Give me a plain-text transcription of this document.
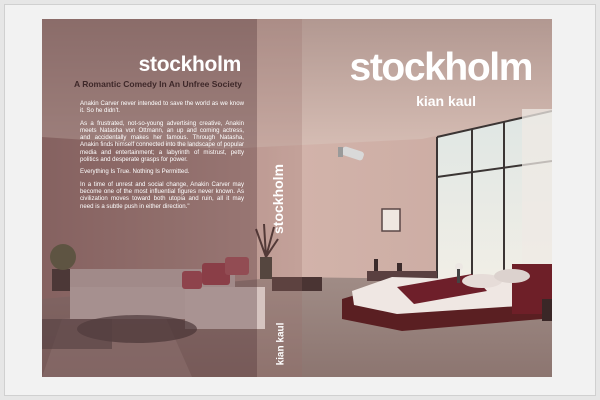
stockholm
A Romantic Comedy In An Unfree Society

Anakin Carver never intended to save the world as we know it. So he didn't.

As a frustrated, not-so-young advertising creative, Anakin meets Natasha von Ottmann, an up and coming actress, and accidentally makes her famous. Through Natasha, Anakin finds himself connected into the landscape of popular media and entertainment; a labyrinth of mistrust, petty politics and desperate grasps for power.

Everything Is True. Nothing Is Permitted.

In a time of unrest and social change, Anakin Carver may become one of the most influential figures never known. As civilization moves toward both utopia and ruin, all it may need is a subtle push in either direction."	stockholm
kian kaul
stockholm
kian kaul
